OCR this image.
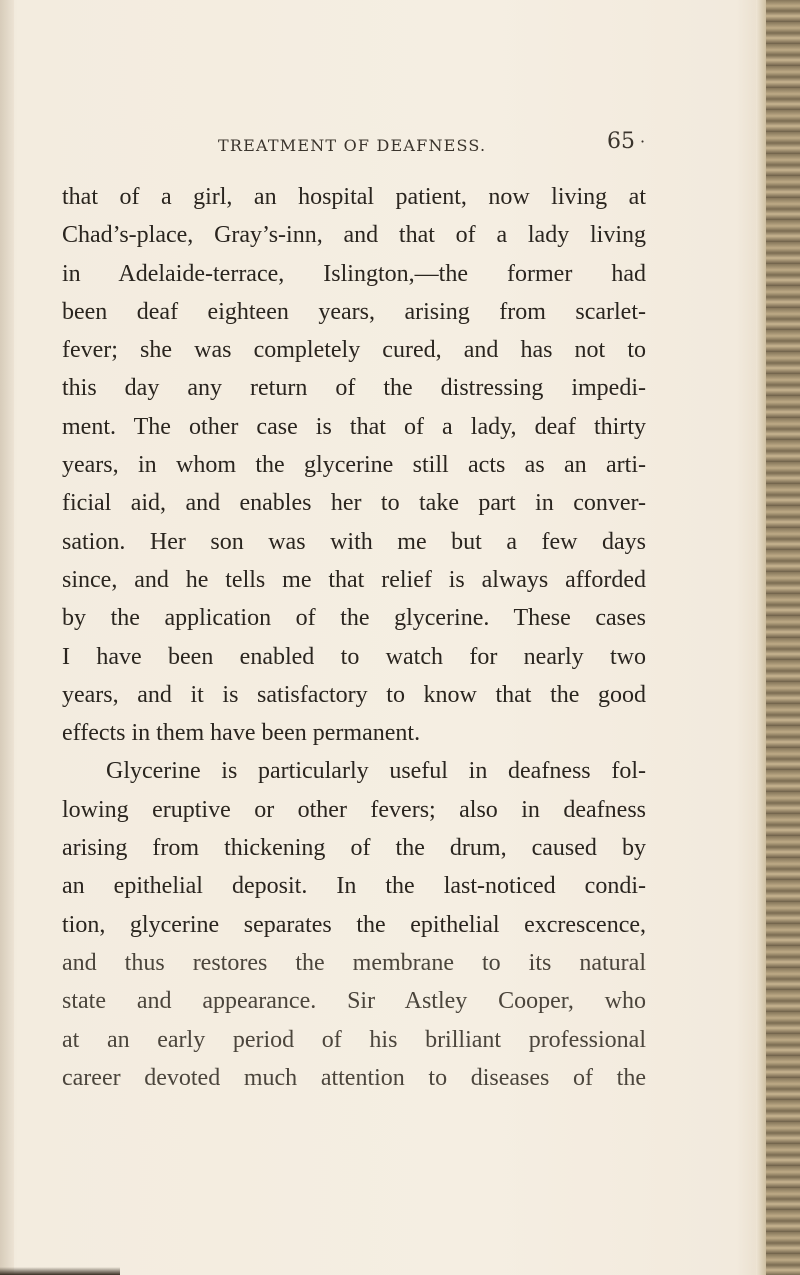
TREATMENT OF DEAFNESS.	65 ·
that of a girl, an hospital patient, now living at
Chad’s-place, Gray’s-inn, and that of a lady living
in Adelaide-terrace, Islington,—the former had
been deaf eighteen years, arising from scarlet-
fever; she was completely cured, and has not to
this day any return of the distressing impedi-
ment. The other case is that of a lady, deaf thirty
years, in whom the glycerine still acts as an arti-
ficial aid, and enables her to take part in conver-
sation. Her son was with me but a few days
since, and he tells me that relief is always afforded
by the application of the glycerine. These cases
I have been enabled to watch for nearly two
years, and it is satisfactory to know that the good
effects in them have been permanent.
Glycerine is particularly useful in deafness fol-
lowing eruptive or other fevers; also in deafness
arising from thickening of the drum, caused by
an epithelial deposit. In the last-noticed condi-
tion, glycerine separates the epithelial excrescence,
and thus restores the membrane to its natural
state and appearance. Sir Astley Cooper, who
at an early period of his brilliant professional
career devoted much attention to diseases of the
